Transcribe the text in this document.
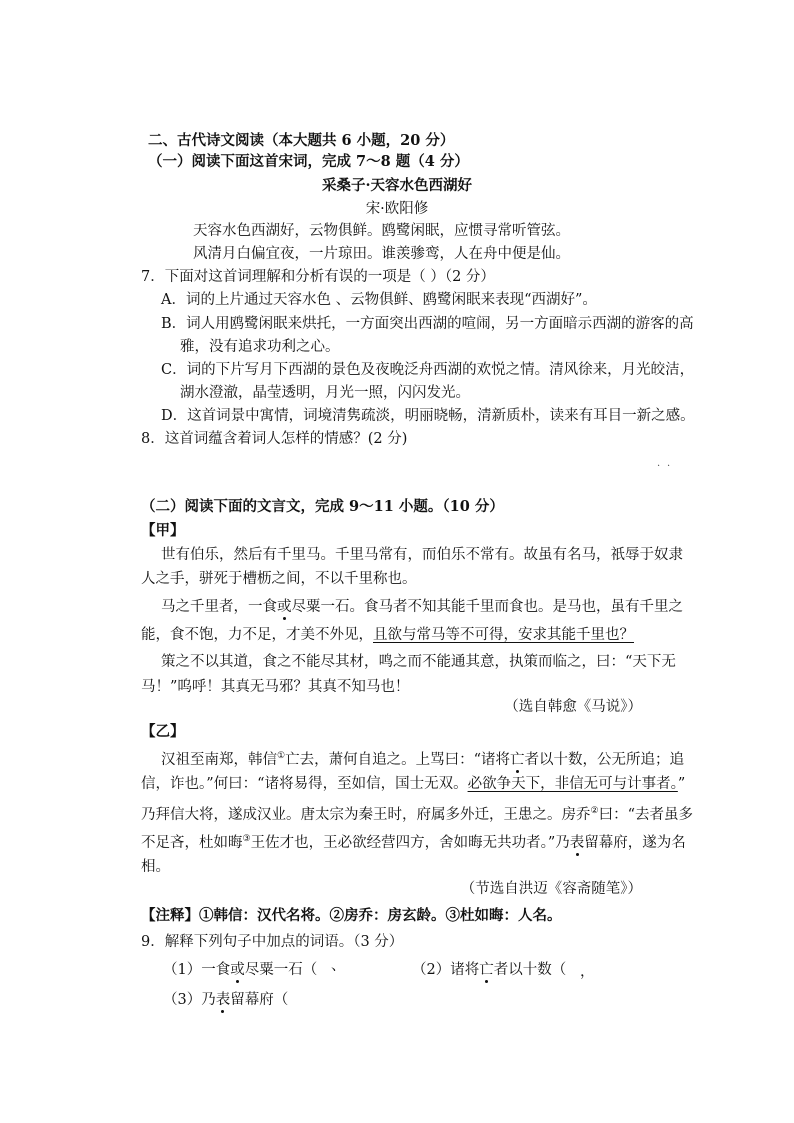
二、古代诗文阅读（本大题共 6 小题，20 分）
（一）阅读下面这首宋词，完成 7～8 题（4 分）
采桑子·天容水色西湖好
宋·欧阳修
天容水色西湖好，云物俱鲜。鸥鹭闲眠，应惯寻常听管弦。
风清月白偏宜夜，一片琼田。谁羡骖鸾，人在舟中便是仙。
7．下面对这首词理解和分析有误的一项是（ ）（2 分）
A．词的上片通过天容水色 、云物俱鲜、鸥鹭闲眠来表现“西湖好”。
B．词人用鸥鹭闲眠来烘托，一方面突出西湖的喧闹，另一方面暗示西湖的游客的高
雅，没有追求功利之心。
C．词的下片写月下西湖的景色及夜晚泛舟西湖的欢悦之情。清风徐来，月光皎洁，
湖水澄澈，晶莹透明，月光一照，闪闪发光。
D．这首词景中寓情，词境清隽疏淡，明丽晓畅，清新质朴，读来有耳目一新之感。
8．这首词蕴含着词人怎样的情感？(2 分)
· ·
（二）阅读下面的文言文，完成 9～11 小题。（10 分）
【甲】
世有伯乐，然后有千里马。千里马常有，而伯乐不常有。故虽有名马，祇辱于奴隶
人之手，骈死于槽枥之间，不以千里称也。
马之千里者，一食或尽粟一石。食马者不知其能千里而食也。是马也，虽有千里之
能，食不饱，力不足，才美不外见，且欲与常马等不可得，安求其能千里也？
策之不以其道，食之不能尽其材，鸣之而不能通其意，执策而临之，曰：“天下无
马！”呜呼！其真无马邪？其真不知马也！
（选自韩愈《马说》）
【乙】
汉祖至南郑，韩信①亡去，萧何自追之。上骂曰：“诸将亡者以十数，公无所追；追
信，诈也。”何曰：“诸将易得，至如信，国士无双。必欲争天下，非信无可与计事者。”
乃拜信大将，遂成汉业。唐太宗为秦王时，府属多外迁，王患之。房乔②曰：“去者虽多
不足吝，杜如晦③王佐才也，王必欲经营四方，舍如晦无共功者。”乃表留幕府，遂为名
相。
（节选自洪迈《容斋随笔》）
【注释】①韩信：汉代名将。②房乔：房玄龄。③杜如晦：人名。
9．解释下列句子中加点的词语。（3 分）
（1）一食或尽粟一石（ 、	（2）诸将亡者以十数（ ，
（3）乃表留幕府（
